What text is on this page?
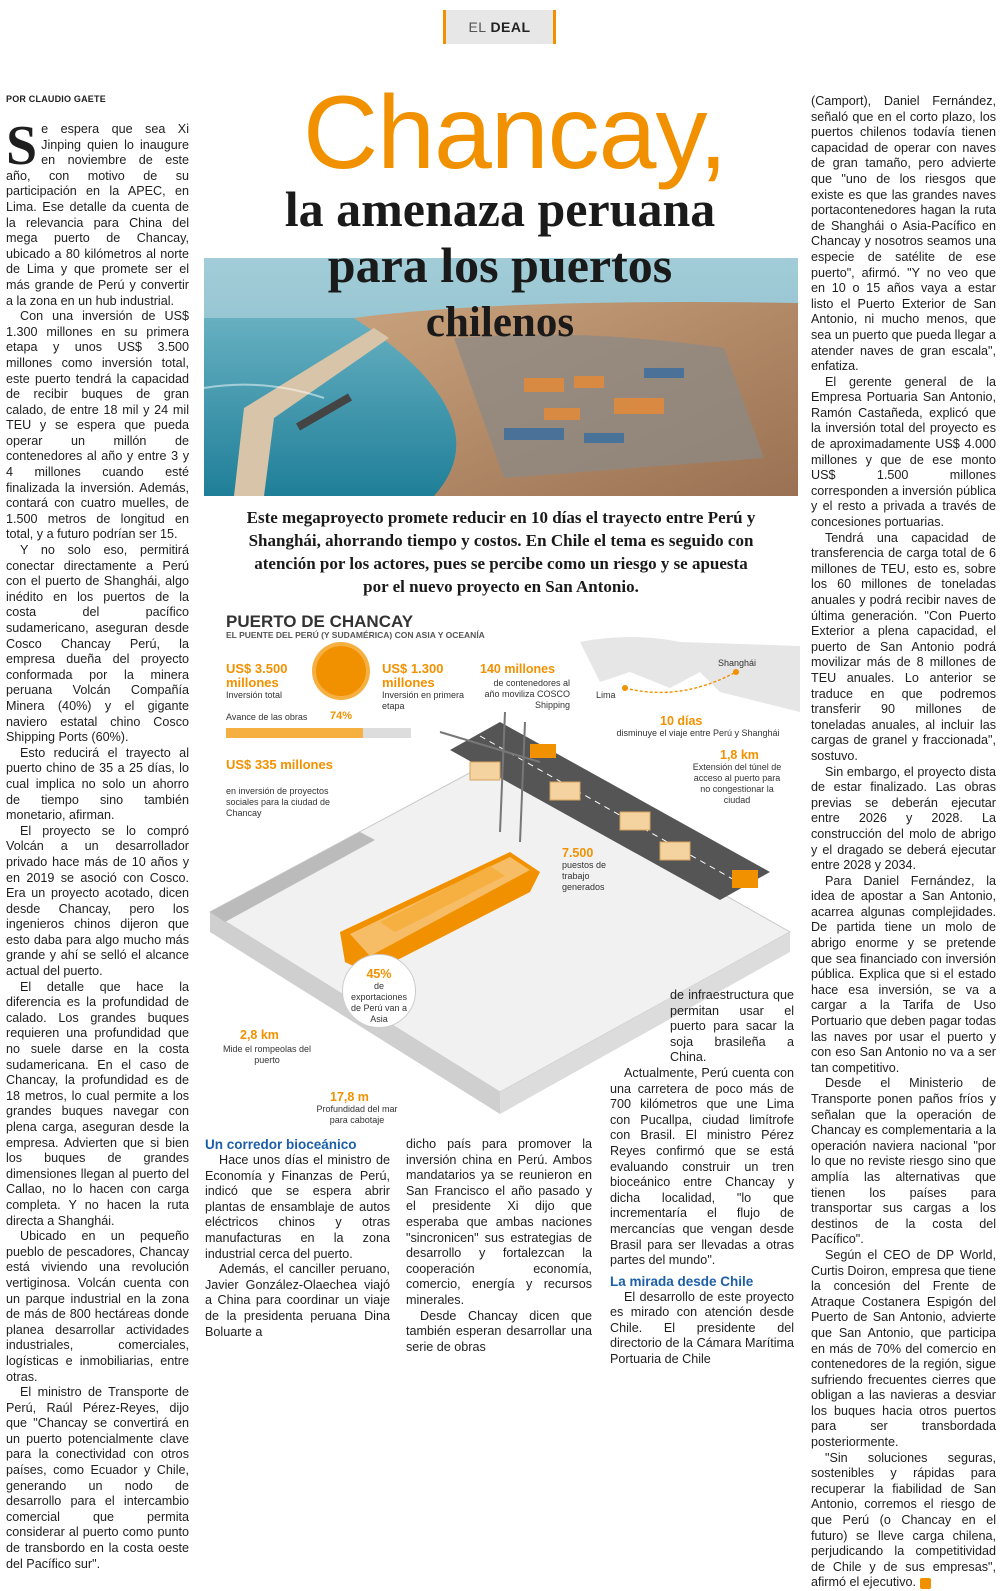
EL DEAL
POR CLAUDIO GAETE Chancay,
la amenaza peruana
para los puertos
chilenos
Este megaproyecto promete reducir en 10 días el trayecto entre Perú y Shanghái, ahorrando tiempo y costos. En Chile el tema es seguido con atención por los actores, pues se percibe como un riesgo y se apuesta por el nuevo proyecto en San Antonio.

Se espera que sea Xi Jinping quien lo inaugure en noviembre de este año, con motivo de su participación en la APEC, en Lima. Ese detalle da cuenta de la relevancia para China del mega puerto de Chancay, ubicado a 80 kilómetros al norte de Lima y que promete ser el más grande de Perú y convertir a la zona en un hub industrial.

Con una inversión de US$ 1.300 millones en su primera etapa y unos US$ 3.500 millones como inversión total, este puerto tendrá la capacidad de recibir buques de gran calado, de entre 18 mil y 24 mil TEU y se espera que pueda operar un millón de contenedores al año y entre 3 y 4 millones cuando esté finalizada la inversión. Además, contará con cuatro muelles, de 1.500 metros de longitud en total, y a futuro podrían ser 15.

Y no solo eso, permitirá conectar directamente a Perú con el puerto de Shanghái, algo inédito en los puertos de la costa del pacífico sudamericano, aseguran desde Cosco Chancay Perú, la empresa dueña del proyecto conformada por la minera peruana Volcán Compañía Minera (40%) y el gigante naviero estatal chino Cosco Shipping Ports (60%).

Esto reducirá el trayecto al puerto chino de 35 a 25 días, lo cual implica no solo un ahorro de tiempo sino también monetario, afirman.

El proyecto se lo compró Volcán a un desarrollador privado hace más de 10 años y en 2019 se asoció con Cosco. Era un proyecto acotado, dicen desde Chancay, pero los ingenieros chinos dijeron que esto daba para algo mucho más grande y ahí se selló el alcance actual del puerto.

El detalle que hace la diferencia es la profundidad de calado. Los grandes buques requieren una profundidad que no suele darse en la costa sudamericana. En el caso de Chancay, la profundidad es de 18 metros, lo cual permite a los grandes buques navegar con plena carga, aseguran desde la empresa. Advierten que si bien los buques de grandes dimensiones llegan al puerto del Callao, no lo hacen con carga completa. Y no hacen la ruta directa a Shanghái.

Ubicado en un pequeño pueblo de pescadores, Chancay está viviendo una revolución vertiginosa. Volcán cuenta con un parque industrial en la zona de más de 800 hectáreas donde planea desarrollar actividades industriales, comerciales, logísticas e inmobiliarias, entre otras.

El ministro de Transporte de Perú, Raúl Pérez-Reyes, dijo que "Chancay se convertirá en un puerto potencialmente clave para la conectividad con otros países, como Ecuador y Chile, generando un nodo de desarrollo para el intercambio comercial que permita considerar al puerto como punto de transbordo en la costa oeste del Pacífico sur".

PUERTO DE CHANCAY
EL PUENTE DEL PERÚ (Y SUDAMÉRICA) CON ASIA Y OCEANÍA
US$ 3.500 millones
Inversión total
US$ 1.300 millones
Inversión en primera etapa
Avance de las obras 74%
US$ 335 millones
en inversión de proyectos sociales para la ciudad de Chancay
140 millones
de contenedores al año moviliza COSCO Shipping
Shanghái
Lima
10 días
disminuye el viaje entre Perú y Shanghái
1,8 km
Extensión del túnel de acceso al puerto para no congestionar la ciudad
7.500
puestos de trabajo generados
45%
de exportaciones de Perú van a Asia
2,8 km
Mide el rompeolas del puerto
17,8 m
Profundidad del mar para cabotaje

Un corredor bioceánico

Hace unos días el ministro de Economía y Finanzas de Perú, indicó que se espera abrir plantas de ensamblaje de autos eléctricos chinos y otras manufacturas en la zona industrial cerca del puerto.

Además, el canciller peruano, Javier González-Olaechea viajó a China para coordinar un viaje de la presidenta peruana Dina Boluarte a

dicho país para promover la inversión china en Perú. Ambos mandatarios ya se reunieron en San Francisco el año pasado y el presidente Xi dijo que esperaba que ambas naciones "sincronicen" sus estrategias de desarrollo y fortalezcan la cooperación economía, comercio, energía y recursos minerales.

Desde Chancay dicen que también esperan desarrollar una serie de obras

de infraestructura que permitan usar el puerto para sacar la soja brasileña a China.

Actualmente, Perú cuenta con una carretera de poco más de 700 kilómetros que une Lima con Pucallpa, ciudad limítrofe con Brasil. El ministro Pérez Reyes confirmó que se está evaluando construir un tren bioceánico entre Chancay y dicha localidad, "lo que incrementaría el flujo de mercancías que vengan desde Brasil para ser llevadas a otras partes del mundo".

La mirada desde Chile

El desarrollo de este proyecto es mirado con atención desde Chile. El presidente del directorio de la Cámara Marítima Portuaria de Chile

(Camport), Daniel Fernández, señaló que en el corto plazo, los puertos chilenos todavía tienen capacidad de operar con naves de gran tamaño, pero advierte que "uno de los riesgos que existe es que las grandes naves portacontenedores hagan la ruta de Shanghái o Asia-Pacífico en Chancay y nosotros seamos una especie de satélite de ese puerto", afirmó. "Y no veo que en 10 o 15 años vaya a estar listo el Puerto Exterior de San Antonio, ni mucho menos, que sea un puerto que pueda llegar a atender naves de gran escala", enfatiza.

El gerente general de la Empresa Portuaria San Antonio, Ramón Castañeda, explicó que la inversión total del proyecto es de aproximadamente US$ 4.000 millones y que de ese monto US$ 1.500 millones corresponden a inversión pública y el resto a privada a través de concesiones portuarias.

Tendrá una capacidad de transferencia de carga total de 6 millones de TEU, esto es, sobre los 60 millones de toneladas anuales y podrá recibir naves de última generación. "Con Puerto Exterior a plena capacidad, el puerto de San Antonio podrá movilizar más de 8 millones de TEU anuales. Lo anterior se traduce en que podremos transferir 90 millones de toneladas anuales, al incluir las cargas de granel y fraccionada", sostuvo.

Sin embargo, el proyecto dista de estar finalizado. Las obras previas se deberán ejecutar entre 2026 y 2028. La construcción del molo de abrigo y el dragado se deberá ejecutar entre 2028 y 2034.

Para Daniel Fernández, la idea de apostar a San Antonio, acarrea algunas complejidades. De partida tiene un molo de abrigo enorme y se pretende que sea financiado con inversión pública. Explica que si el estado hace esa inversión, se va a cargar a la Tarifa de Uso Portuario que deben pagar todas las naves por usar el puerto y con eso San Antonio no va a ser tan competitivo.

Desde el Ministerio de Transporte ponen paños fríos y señalan que la operación de Chancay es complementaria a la operación naviera nacional "por lo que no reviste riesgo sino que amplía las alternativas que tienen los países para transportar sus cargas a los destinos de la costa del Pacífico".

Según el CEO de DP World, Curtis Doiron, empresa que tiene la concesión del Frente de Atraque Costanera Espigón del Puerto de San Antonio, advierte que San Antonio, que participa en más de 70% del comercio en contenedores de la región, sigue sufriendo frecuentes cierres que obligan a las navieras a desviar los buques hacia otros puertos para ser transbordada posteriormente.

"Sin soluciones seguras, sostenibles y rápidas para recuperar la fiabilidad de San Antonio, corremos el riesgo de que Perú (o Chancay en el futuro) se lleve carga chilena, perjudicando la competitividad de Chile y de sus empresas", afirmó el ejecutivo.
